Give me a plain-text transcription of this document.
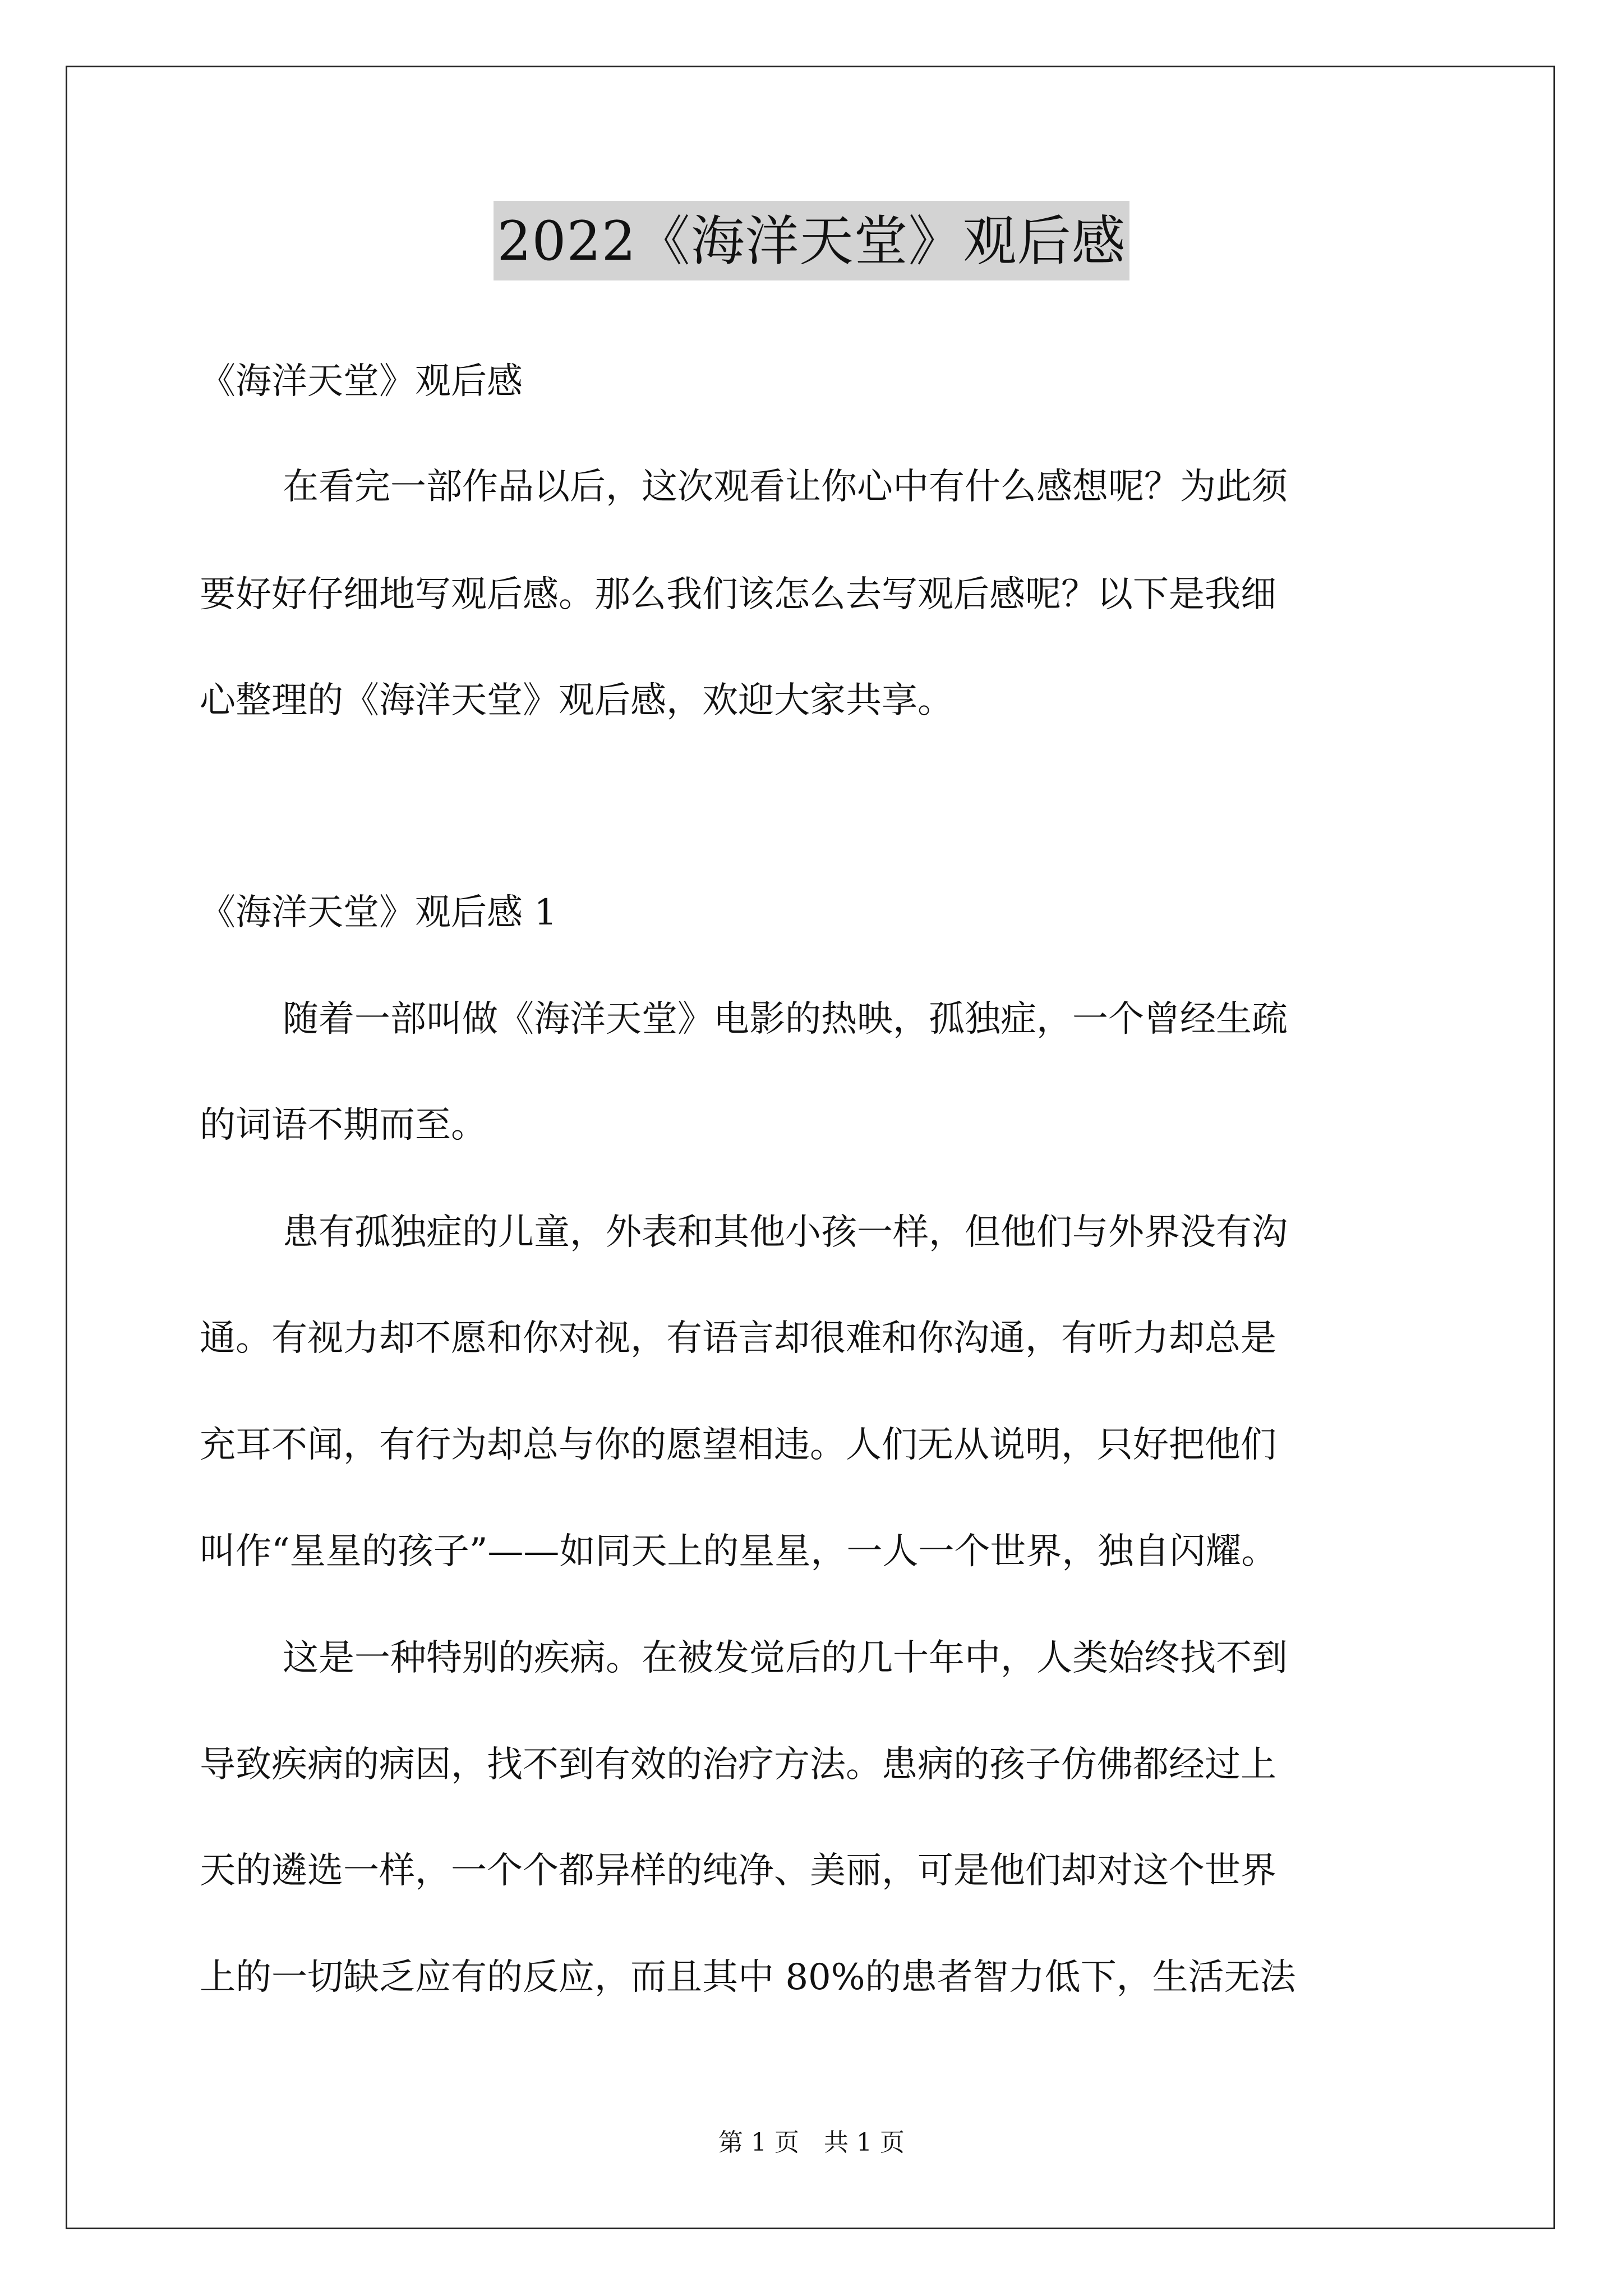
2022《海洋天堂》观后感
《海洋天堂》观后感
在看完一部作品以后，这次观看让你心中有什么感想呢？为此须
要好好仔细地写观后感。那么我们该怎么去写观后感呢？以下是我细
心整理的《海洋天堂》观后感，欢迎大家共享。
《海洋天堂》观后感 1
随着一部叫做《海洋天堂》电影的热映，孤独症，一个曾经生疏
的词语不期而至。
患有孤独症的儿童，外表和其他小孩一样，但他们与外界没有沟
通。有视力却不愿和你对视，有语言却很难和你沟通，有听力却总是
充耳不闻，有行为却总与你的愿望相违。人们无从说明，只好把他们
叫作“星星的孩子”——如同天上的星星，一人一个世界，独自闪耀。
这是一种特别的疾病。在被发觉后的几十年中，人类始终找不到
导致疾病的病因，找不到有效的治疗方法。患病的孩子仿佛都经过上
天的遴选一样，一个个都异样的纯净、美丽，可是他们却对这个世界
上的一切缺乏应有的反应，而且其中 80%的患者智力低下，生活无法
第 1 页　共 1 页
